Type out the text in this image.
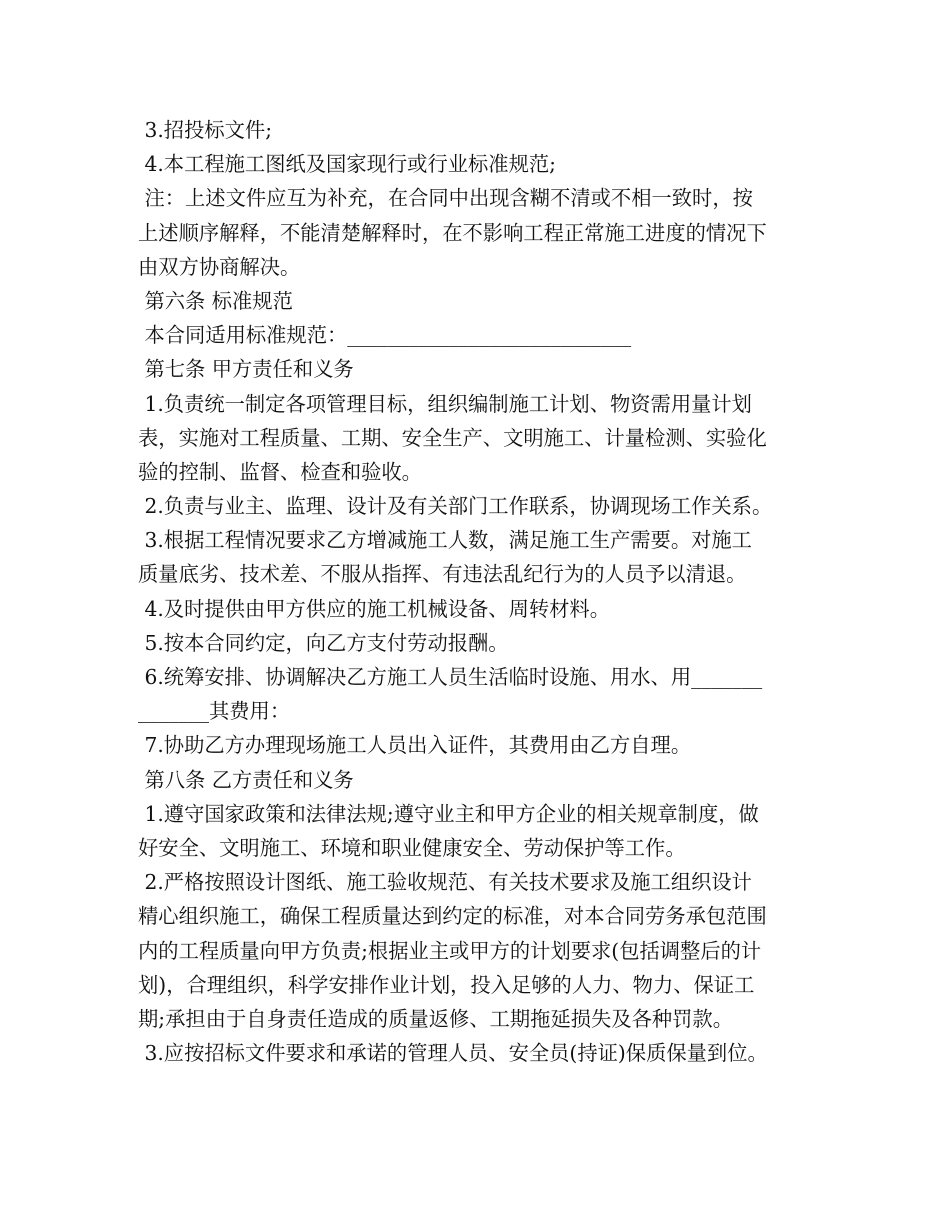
3.招投标文件;
4.本工程施工图纸及国家现行或行业标准规范;
注：上述文件应互为补充，在合同中出现含糊不清或不相一致时，按
上述顺序解释，不能清楚解释时，在不影响工程正常施工进度的情况下
由双方协商解决。
第六条 标准规范
本合同适用标准规范：____________________________
第七条 甲方责任和义务
1.负责统一制定各项管理目标，组织编制施工计划、物资需用量计划
表，实施对工程质量、工期、安全生产、文明施工、计量检测、实验化
验的控制、监督、检查和验收。
2.负责与业主、监理、设计及有关部门工作联系，协调现场工作关系。
3.根据工程情况要求乙方增减施工人数，满足施工生产需要。对施工
质量底劣、技术差、不服从指挥、有违法乱纪行为的人员予以清退。
4.及时提供由甲方供应的施工机械设备、周转材料。
5.按本合同约定，向乙方支付劳动报酬。
6.统筹安排、协调解决乙方施工人员生活临时设施、用水、用_______
_______其费用：
7.协助乙方办理现场施工人员出入证件，其费用由乙方自理。
第八条 乙方责任和义务
1.遵守国家政策和法律法规;遵守业主和甲方企业的相关规章制度，做
好安全、文明施工、环境和职业健康安全、劳动保护等工作。
2.严格按照设计图纸、施工验收规范、有关技术要求及施工组织设计
精心组织施工，确保工程质量达到约定的标准，对本合同劳务承包范围
内的工程质量向甲方负责;根据业主或甲方的计划要求(包括调整后的计
划)，合理组织，科学安排作业计划，投入足够的人力、物力、保证工
期;承担由于自身责任造成的质量返修、工期拖延损失及各种罚款。
3.应按招标文件要求和承诺的管理人员、安全员(持证)保质保量到位。
